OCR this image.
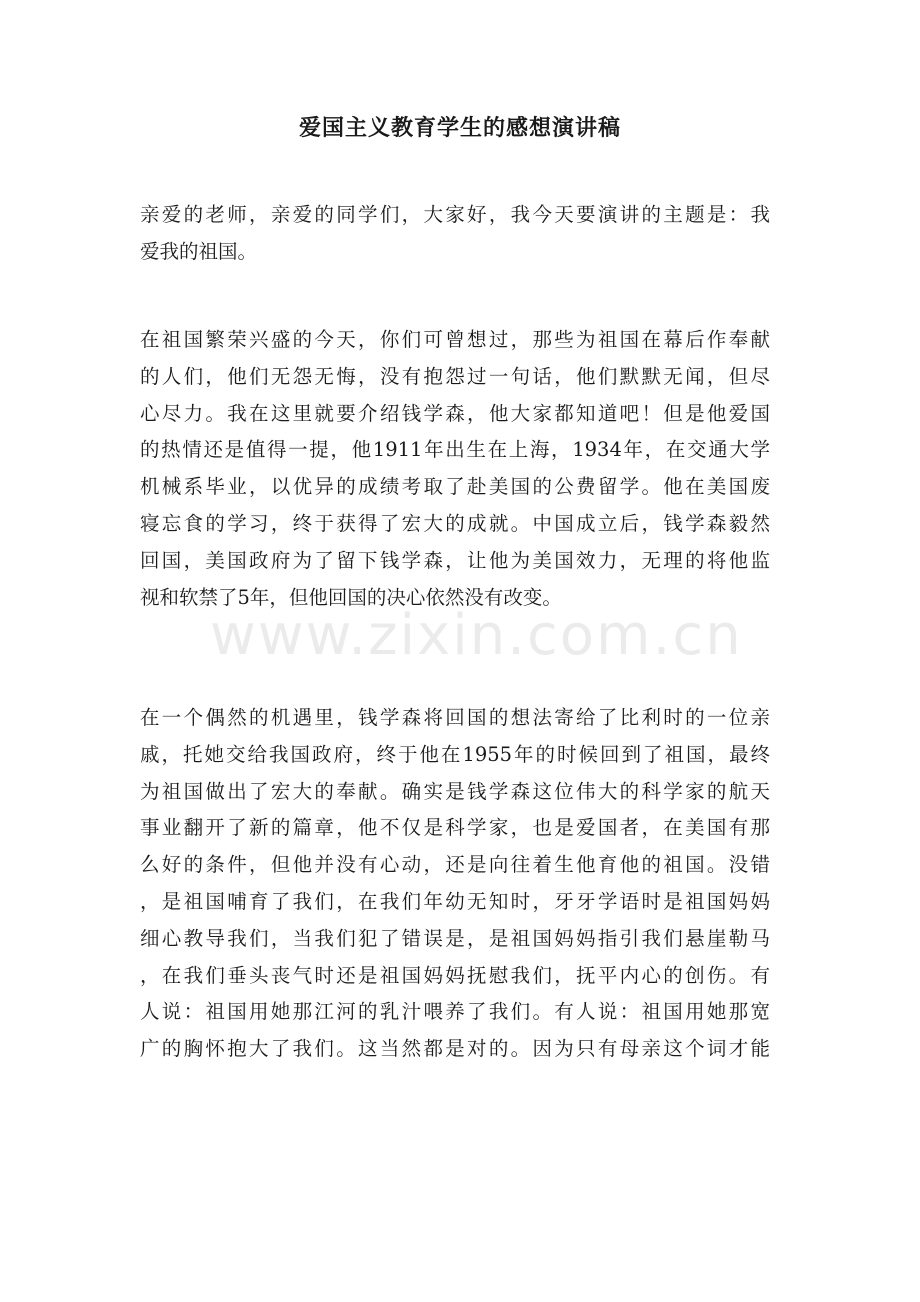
爱国主义教育学生的感想演讲稿
亲爱的老师，亲爱的同学们，大家好，我今天要演讲的主题是：我
爱我的祖国。
在祖国繁荣兴盛的今天，你们可曾想过，那些为祖国在幕后作奉献
的人们，他们无怨无悔，没有抱怨过一句话，他们默默无闻，但尽
心尽力。我在这里就要介绍钱学森，他大家都知道吧！但是他爱国
的热情还是值得一提，他1911年出生在上海，1934年，在交通大学
机械系毕业，以优异的成绩考取了赴美国的公费留学。他在美国废
寝忘食的学习，终于获得了宏大的成就。中国成立后，钱学森毅然
回国，美国政府为了留下钱学森，让他为美国效力，无理的将他监
视和软禁了5年，但他回国的决心依然没有改变。
在一个偶然的机遇里，钱学森将回国的想法寄给了比利时的一位亲
戚，托她交给我国政府，终于他在1955年的时候回到了祖国，最终
为祖国做出了宏大的奉献。确实是钱学森这位伟大的科学家的航天
事业翻开了新的篇章，他不仅是科学家，也是爱国者，在美国有那
么好的条件，但他并没有心动，还是向往着生他育他的祖国。没错
，是祖国哺育了我们，在我们年幼无知时，牙牙学语时是祖国妈妈
细心教导我们，当我们犯了错误是，是祖国妈妈指引我们悬崖勒马
，在我们垂头丧气时还是祖国妈妈抚慰我们，抚平内心的创伤。有
人说：祖国用她那江河的乳汁喂养了我们。有人说：祖国用她那宽
广的胸怀抱大了我们。这当然都是对的。因为只有母亲这个词才能
www.zixin.com.cn
